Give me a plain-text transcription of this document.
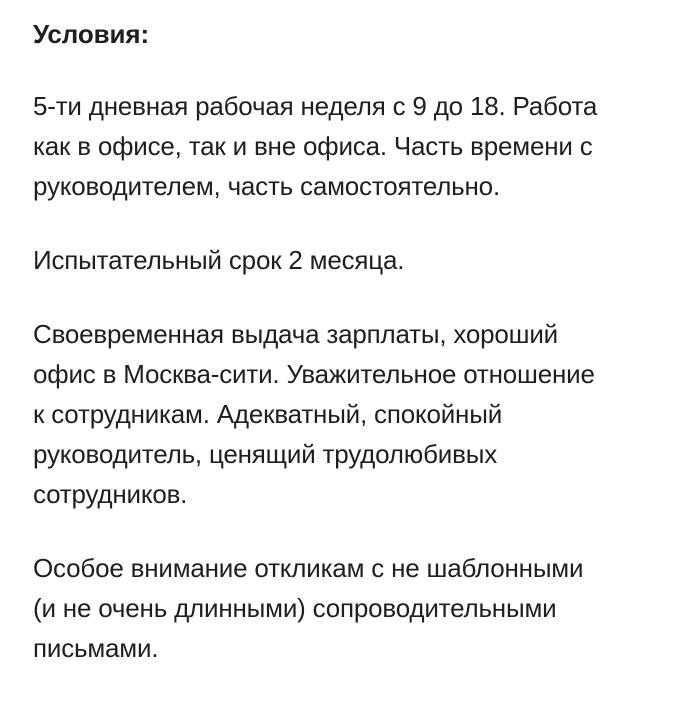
Условия:
5-ти дневная рабочая неделя с 9 до 18. Работа
как в офисе, так и вне офиса. Часть времени с
руководителем, часть самостоятельно.
Испытательный срок 2 месяца.
Своевременная выдача зарплаты, хороший
офис в Москва-сити. Уважительное отношение
к сотрудникам. Адекватный, спокойный
руководитель, ценящий трудолюбивых
сотрудников.
Особое внимание откликам с не шаблонными
(и не очень длинными) сопроводительными
письмами.
